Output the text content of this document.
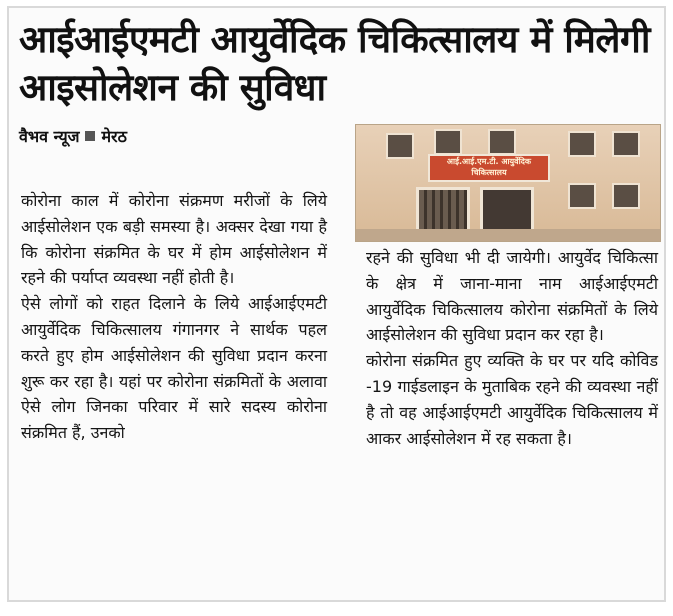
आईआईएमटी आयुर्वेदिक चिकित्सालय में मिलेगी आइसोलेशन की सुविधा
वैभव न्यूज मेरठ
आई.आई.एम.टी. आयुर्वेदिक चिकित्सालय
कोरोना काल में कोरोना संक्रमण मरीजों के लिये आईसोलेशन एक बड़ी समस्या है। अक्सर देखा गया है कि कोरोना संक्रमित के घर में होम आईसोलेशन में रहने की पर्याप्त व्यवस्था नहीं होती है।
ऐसे लोगों को राहत दिलाने के लिये आईआईएमटी आयुर्वेदिक चिकित्सालय गंगानगर ने सार्थक पहल करते हुए होम आईसोलेशन की सुविधा प्रदान करना शुरू कर रहा है। यहां पर कोरोना संक्रमितों के अलावा ऐसे लोग जिनका परिवार में सारे सदस्य कोरोना संक्रमित हैं, उनको
रहने की सुविधा भी दी जायेगी। आयुर्वेद चिकित्सा के क्षेत्र में जाना-माना नाम आईआईएमटी आयुर्वेदिक चिकित्सालय कोरोना संक्रमितों के लिये आईसोलेशन की सुविधा प्रदान कर रहा है।
कोरोना संक्रमित हुए व्यक्ति के घर पर यदि कोविड -19 गाईडलाइन के मुताबिक रहने की व्यवस्था नहीं है तो वह आईआईएमटी आयुर्वेदिक चिकित्सालय में आकर आईसोलेशन में रह सकता है।
